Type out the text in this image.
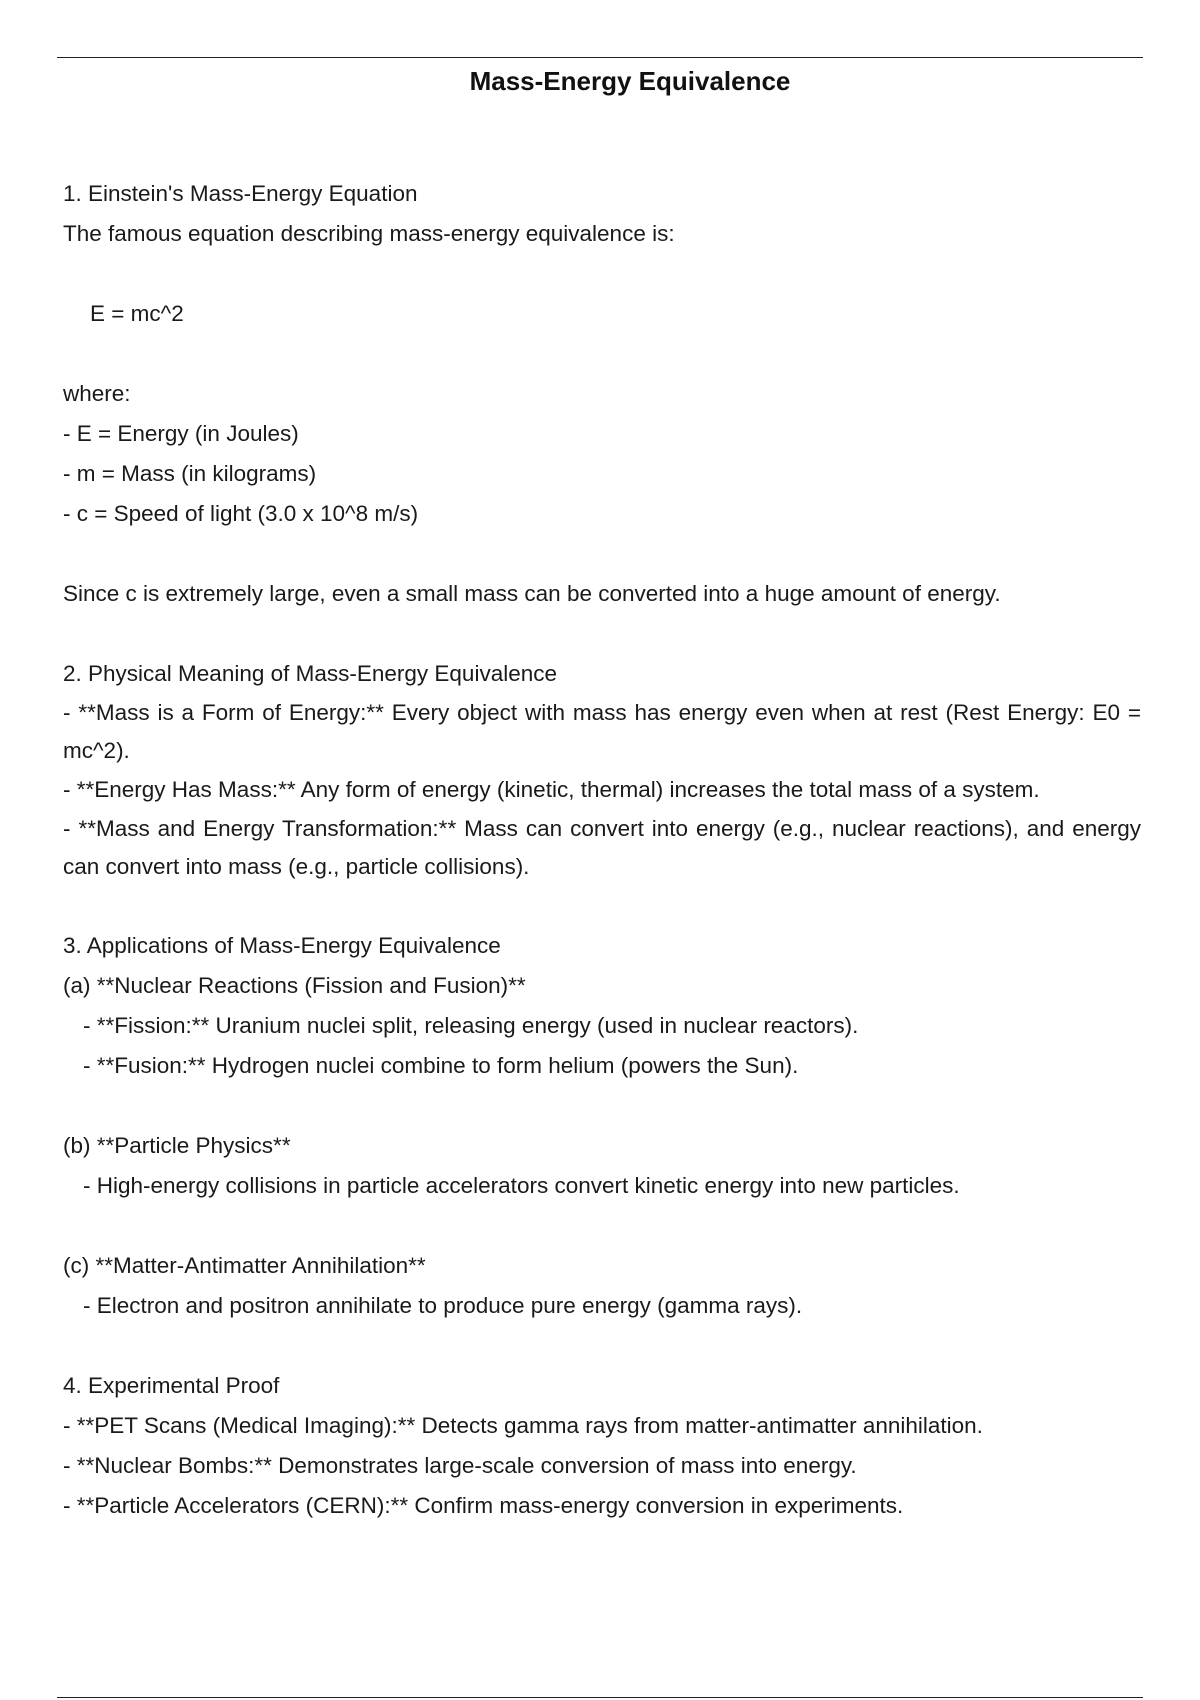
Mass-Energy Equivalence

1. Einstein's Mass-Energy Equation

The famous equation describing mass-energy equivalence is:

E = mc^2

where:

- E = Energy (in Joules)

- m = Mass (in kilograms)

- c = Speed of light (3.0 x 10^8 m/s)

Since c is extremely large, even a small mass can be converted into a huge amount of energy.

2. Physical Meaning of Mass-Energy Equivalence

- **Mass is a Form of Energy:** Every object with mass has energy even when at rest (Rest Energy: E0 = mc^2).

- **Energy Has Mass:** Any form of energy (kinetic, thermal) increases the total mass of a system.

- **Mass and Energy Transformation:** Mass can convert into energy (e.g., nuclear reactions), and energy can convert into mass (e.g., particle collisions).

3. Applications of Mass-Energy Equivalence

(a) **Nuclear Reactions (Fission and Fusion)**

- **Fission:** Uranium nuclei split, releasing energy (used in nuclear reactors).

- **Fusion:** Hydrogen nuclei combine to form helium (powers the Sun).

(b) **Particle Physics**

- High-energy collisions in particle accelerators convert kinetic energy into new particles.

(c) **Matter-Antimatter Annihilation**

- Electron and positron annihilate to produce pure energy (gamma rays).

4. Experimental Proof

- **PET Scans (Medical Imaging):** Detects gamma rays from matter-antimatter annihilation.

- **Nuclear Bombs:** Demonstrates large-scale conversion of mass into energy.

- **Particle Accelerators (CERN):** Confirm mass-energy conversion in experiments.
